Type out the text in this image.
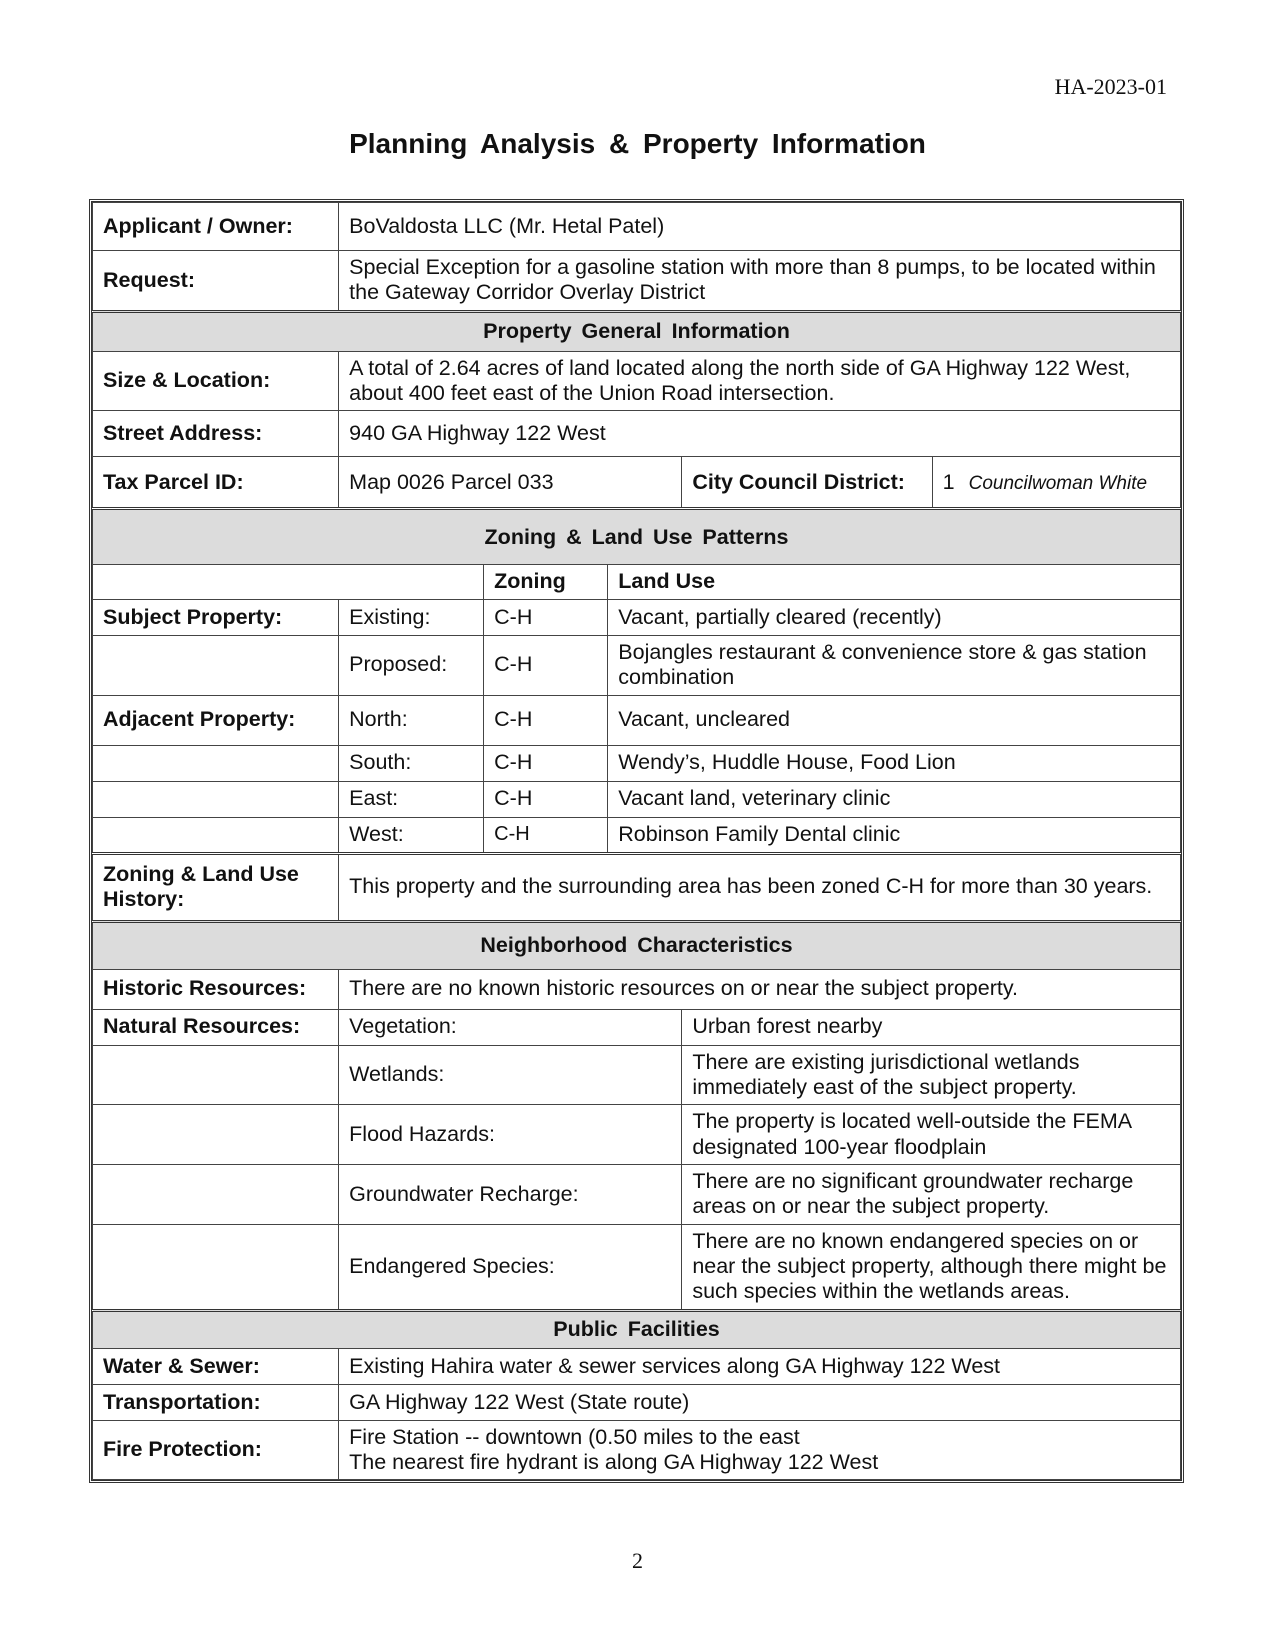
HA-2023-01
Planning Analysis & Property Information
Applicant / Owner:	BoValdosta LLC (Mr. Hetal Patel)				
Request:	Special Exception for a gasoline station with more than 8 pumps, to be located within the Gateway Corridor Overlay District				
Property General Information					
Size & Location:	A total of 2.64 acres of land located along the north side of GA Highway 122 West, about 400 feet east of the Union Road intersection.				
Street Address:	940 GA Highway 122 West				
Tax Parcel ID:	Map 0026 Parcel 033			City Council District:	1 Councilwoman White
Zoning & Land Use Patterns					
		Zoning	Land Use		
Subject Property:	Existing:	C-H	Vacant, partially cleared (recently)		
	Proposed:	C-H	Bojangles restaurant & convenience store & gas station combination		
Adjacent Property:	North:	C-H	Vacant, uncleared		
	South:	C-H	Wendy’s, Huddle House, Food Lion		
	East:	C-H	Vacant land, veterinary clinic		
	West:	C-H	Robinson Family Dental clinic		
Zoning & Land Use History:	This property and the surrounding area has been zoned C-H for more than 30 years.				
Neighborhood Characteristics					
Historic Resources:	There are no known historic resources on or near the subject property.				
Natural Resources:	Vegetation:			Urban forest nearby	
	Wetlands:			There are existing jurisdictional wetlands immediately east of the subject property.	
	Flood Hazards:			The property is located well-outside the FEMA designated 100-year floodplain	
	Groundwater Recharge:			There are no significant groundwater recharge areas on or near the subject property.	
	Endangered Species:			There are no known endangered species on or near the subject property, although there might be such species within the wetlands areas.	
Public Facilities					
Water & Sewer:	Existing Hahira water & sewer services along GA Highway 122 West				
Transportation:	GA Highway 122 West (State route)				
Fire Protection:	Fire Station -- downtown (0.50 miles to the east
The nearest fire hydrant is along GA Highway 122 West				
2
